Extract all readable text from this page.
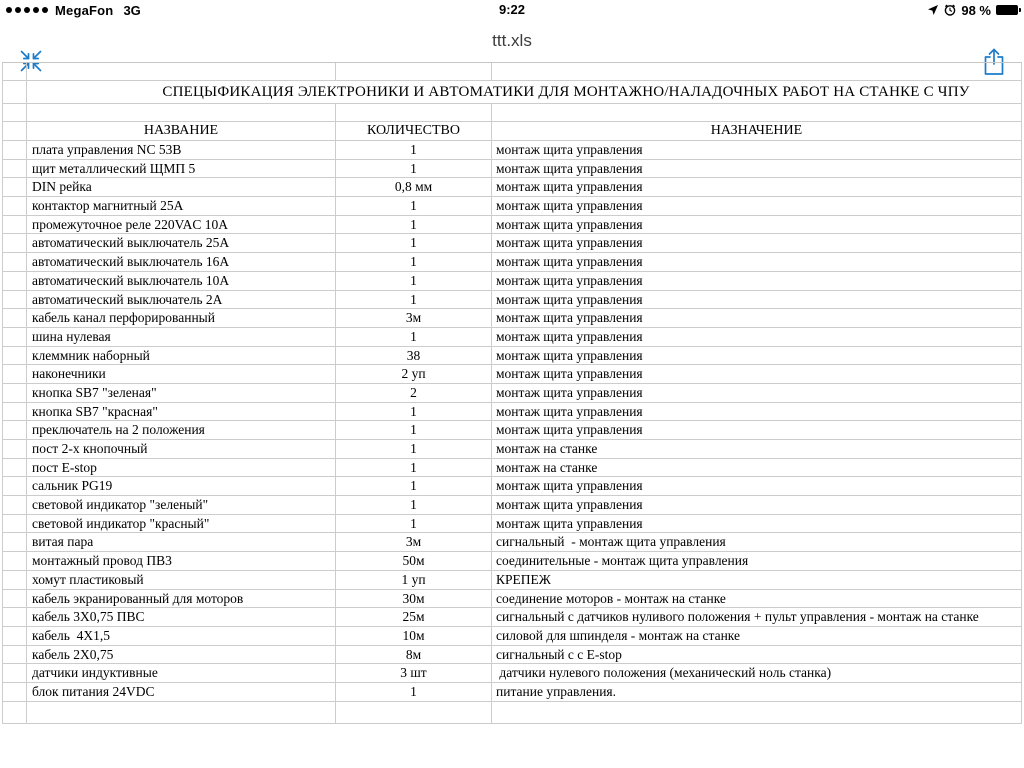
MegaFon 3G	9:22	98 %
ttt.xls
СПЕЦЫФИКАЦИЯ ЭЛЕКТРОНИКИ И АВТОМАТИКИ ДЛЯ МОНТАЖНО/НАЛАДОЧНЫХ РАБОТ НА СТАНКЕ С ЧПУ
НАЗВАНИЕ	КОЛИЧЕСТВО	НАЗНАЧЕНИЕ
плата управления NC 53B	1	монтаж щита управления
щит металлический ЩМП 5	1	монтаж щита управления
DIN рейка	0,8 мм	монтаж щита управления
контактор магнитный 25А	1	монтаж щита управления
промежуточное реле 220VAC 10А	1	монтаж щита управления
автоматический выключатель 25А	1	монтаж щита управления
автоматический выключатель 16А	1	монтаж щита управления
автоматический выключатель 10А	1	монтаж щита управления
автоматический выключатель 2А	1	монтаж щита управления
кабель канал перфорированный	3м	монтаж щита управления
шина нулевая	1	монтаж щита управления
клеммник наборный	38	монтаж щита управления
наконечники	2 уп	монтаж щита управления
кнопка SB7 "зеленая"	2	монтаж щита управления
кнопка SB7 "красная"	1	монтаж щита управления
преключатель на 2 положения	1	монтаж щита управления
пост 2-х кнопочный	1	монтаж на станке
пост E-stop	1	монтаж на станке
сальник PG19	1	монтаж щита управления
световой индикатор "зеленый"	1	монтаж щита управления
световой индикатор "красный"	1	монтаж щита управления
витая пара	3м	сигнальный  - монтаж щита управления
монтажный провод ПВ3	50м	соединительные - монтаж щита управления
хомут пластиковый	1 уп	КРЕПЕЖ
кабель экранированный для моторов	30м	соединение моторов - монтаж на станке
кабель 3Х0,75 ПВС	25м	сигнальный с датчиков нуливого положения + пульт управления - монтаж на станке
кабель  4Х1,5	10м	силовой для шпинделя - монтаж на станке
кабель 2Х0,75	8м	сигнальный с с E-stop
датчики индуктивные	3 шт	датчики нулевого положения (механический ноль станка)
блок питания 24VDC	1	питание управления.
